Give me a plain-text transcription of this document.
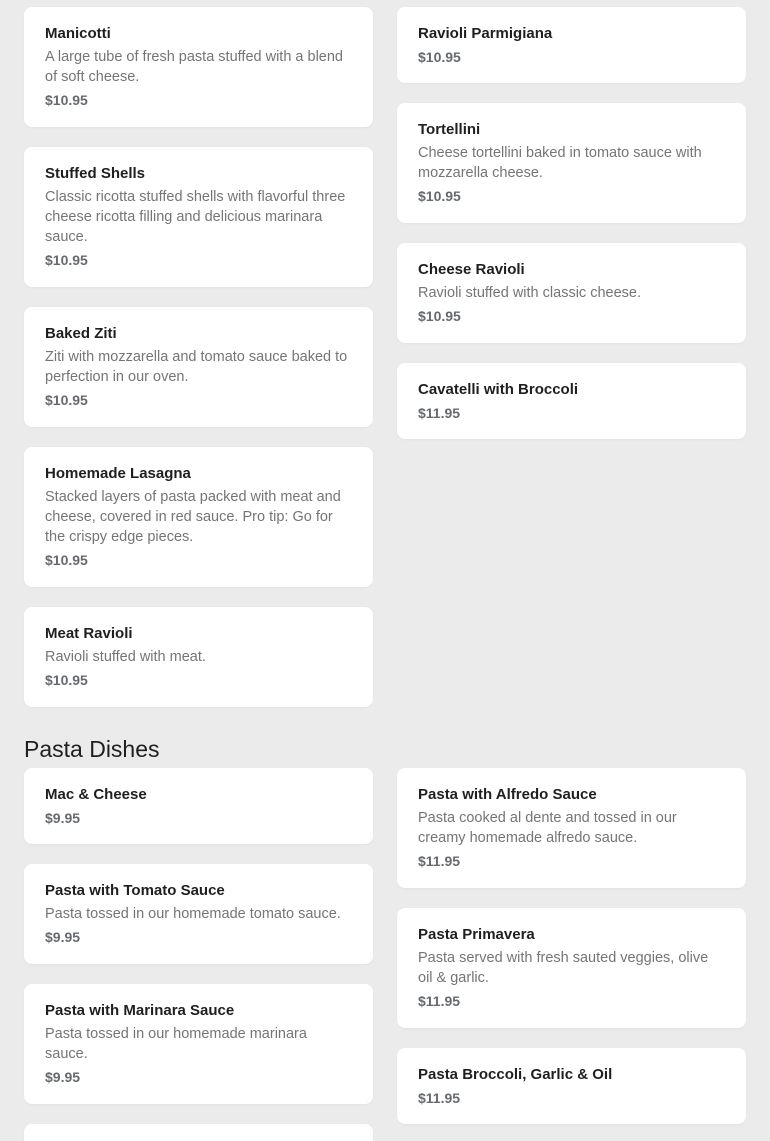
Manicotti
A large tube of fresh pasta stuffed with a blend of soft cheese.
$10.95
Stuffed Shells
Classic ricotta stuffed shells with flavorful three cheese ricotta filling and delicious marinara sauce.
$10.95
Baked Ziti
Ziti with mozzarella and tomato sauce baked to perfection in our oven.
$10.95
Homemade Lasagna
Stacked layers of pasta packed with meat and cheese, covered in red sauce. Pro tip: Go for the crispy edge pieces.
$10.95
Meat Ravioli
Ravioli stuffed with meat.
$10.95
Ravioli Parmigiana
$10.95
Tortellini
Cheese tortellini baked in tomato sauce with mozzarella cheese.
$10.95
Cheese Ravioli
Ravioli stuffed with classic cheese.
$10.95
Cavatelli with Broccoli
$11.95
Pasta Dishes
Mac & Cheese
$9.95
Pasta with Tomato Sauce
Pasta tossed in our homemade tomato sauce.
$9.95
Pasta with Marinara Sauce
Pasta tossed in our homemade marinara sauce.
$9.95
Pasta with Alfredo Sauce
Pasta cooked al dente and tossed in our creamy homemade alfredo sauce.
$11.95
Pasta Primavera
Pasta served with fresh sauted veggies, olive oil & garlic.
$11.95
Pasta Broccoli, Garlic & Oil
$11.95
